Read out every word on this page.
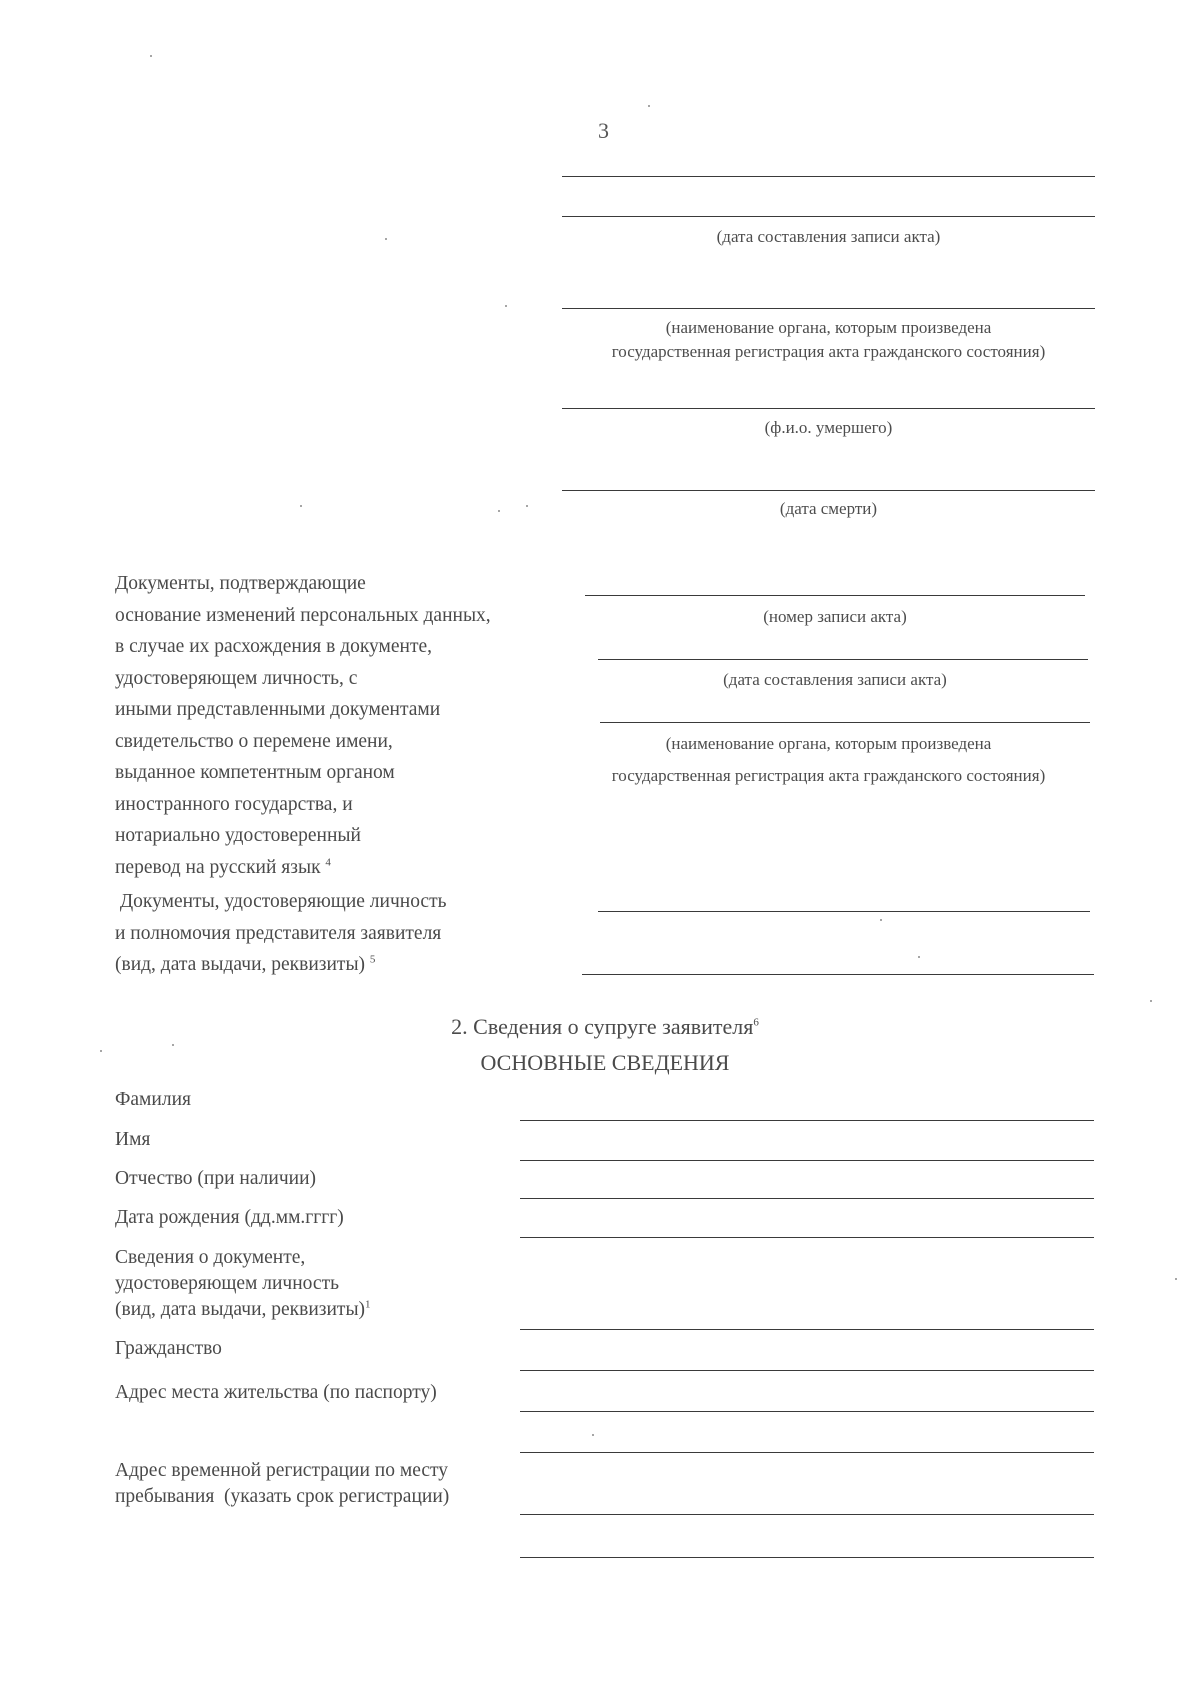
3
(дата составления записи акта)
(наименование органа, которым произведена
государственная регистрация акта гражданского состояния)
(ф.и.о. умершего)
(дата смерти)
Документы, подтверждающие
основание изменений персональных данных,
в случае их расхождения в документе,
удостоверяющем личность, с
иными представленными документами
свидетельство о перемене имени,
выданное компетентным органом
иностранного государства, и
нотариально удостоверенный
перевод на русский язык $^4$
(номер записи акта)
(дата составления записи акта)
(наименование органа, которым произведена
государственная регистрация акта гражданского состояния)
Документы, удостоверяющие личность
и полномочия представителя заявителя
(вид, дата выдачи, реквизиты) $^5$
2. Сведения о супруге заявителя$^6$
ОСНОВНЫЕ СВЕДЕНИЯ
Фамилия
Имя
Отчество (при наличии)
Дата рождения (дд.мм.гггг)
Сведения о документе,
удостоверяющем личность
(вид, дата выдачи, реквизиты)$^1$
Гражданство
Адрес места жительства (по паспорту)
Адрес временной регистрации по месту
пребывания  (указать срок регистрации)
